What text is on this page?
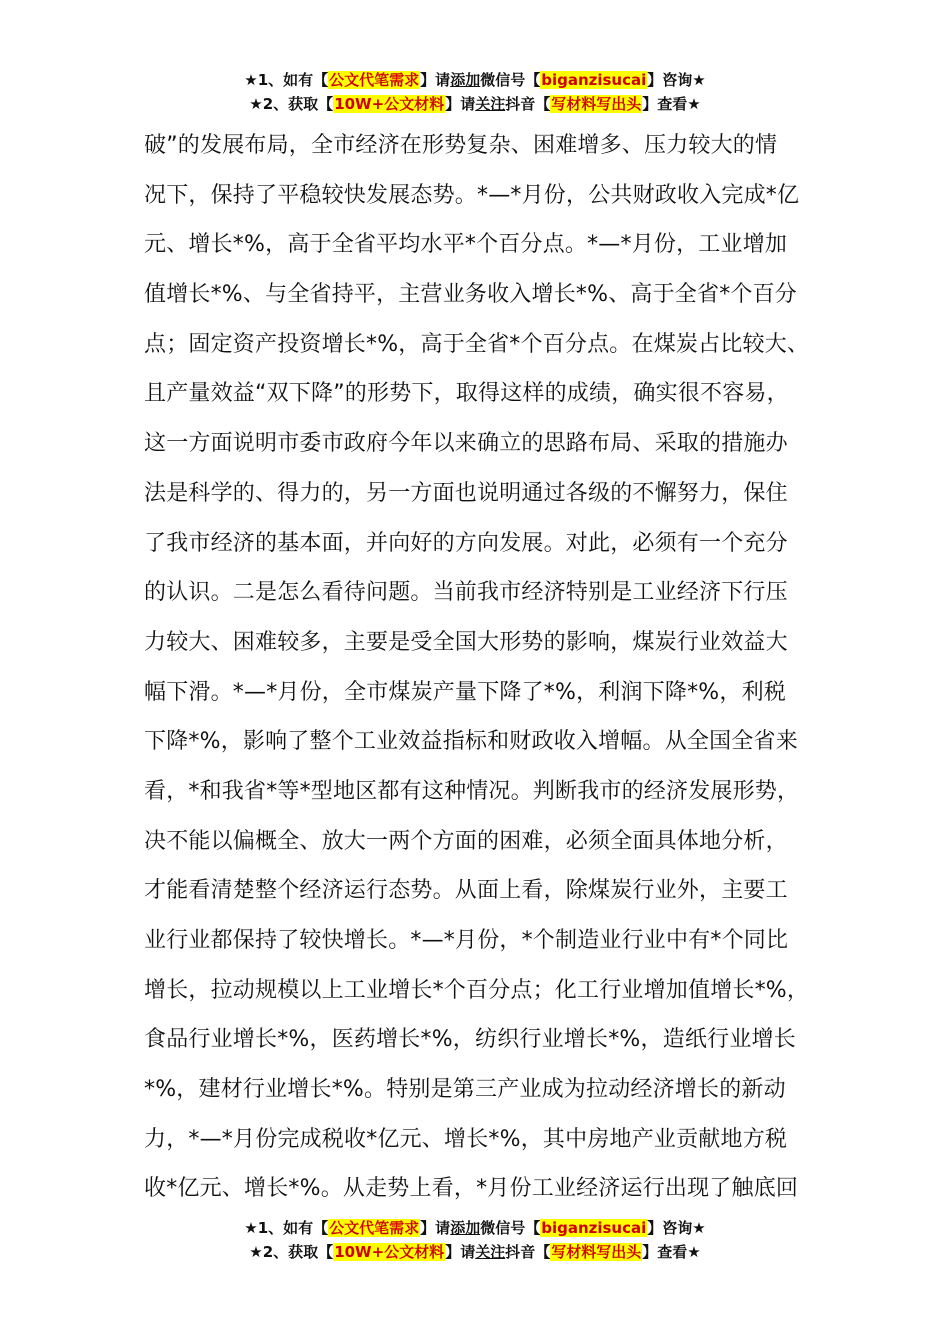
★1、如有【公文代笔需求】请添加微信号【biganzisucai】咨询★
★2、获取【10W+公文材料】请关注抖音【写材料写出头】查看★
破”的发展布局，全市经济在形势复杂、困难增多、压力较大的情
况下，保持了平稳较快发展态势。*—*月份，公共财政收入完成*亿
元、增长*%，高于全省平均水平*个百分点。*—*月份，工业增加
值增长*%、与全省持平，主营业务收入增长*%、高于全省*个百分
点；固定资产投资增长*%，高于全省*个百分点。在煤炭占比较大、
且产量效益“双下降”的形势下，取得这样的成绩，确实很不容易，
这一方面说明市委市政府今年以来确立的思路布局、采取的措施办
法是科学的、得力的，另一方面也说明通过各级的不懈努力，保住
了我市经济的基本面，并向好的方向发展。对此，必须有一个充分
的认识。二是怎么看待问题。当前我市经济特别是工业经济下行压
力较大、困难较多，主要是受全国大形势的影响，煤炭行业效益大
幅下滑。*—*月份，全市煤炭产量下降了*%，利润下降*%，利税
下降*%，影响了整个工业效益指标和财政收入增幅。从全国全省来
看，*和我省*等*型地区都有这种情况。判断我市的经济发展形势，
决不能以偏概全、放大一两个方面的困难，必须全面具体地分析，
才能看清楚整个经济运行态势。从面上看，除煤炭行业外，主要工
业行业都保持了较快增长。*—*月份，*个制造业行业中有*个同比
增长，拉动规模以上工业增长*个百分点；化工行业增加值增长*%，
食品行业增长*%，医药增长*%，纺织行业增长*%，造纸行业增长
*%，建材行业增长*%。特别是第三产业成为拉动经济增长的新动
力，*—*月份完成税收*亿元、增长*%，其中房地产业贡献地方税
收*亿元、增长*%。从走势上看，*月份工业经济运行出现了触底回
★1、如有【公文代笔需求】请添加微信号【biganzisucai】咨询★
★2、获取【10W+公文材料】请关注抖音【写材料写出头】查看★
